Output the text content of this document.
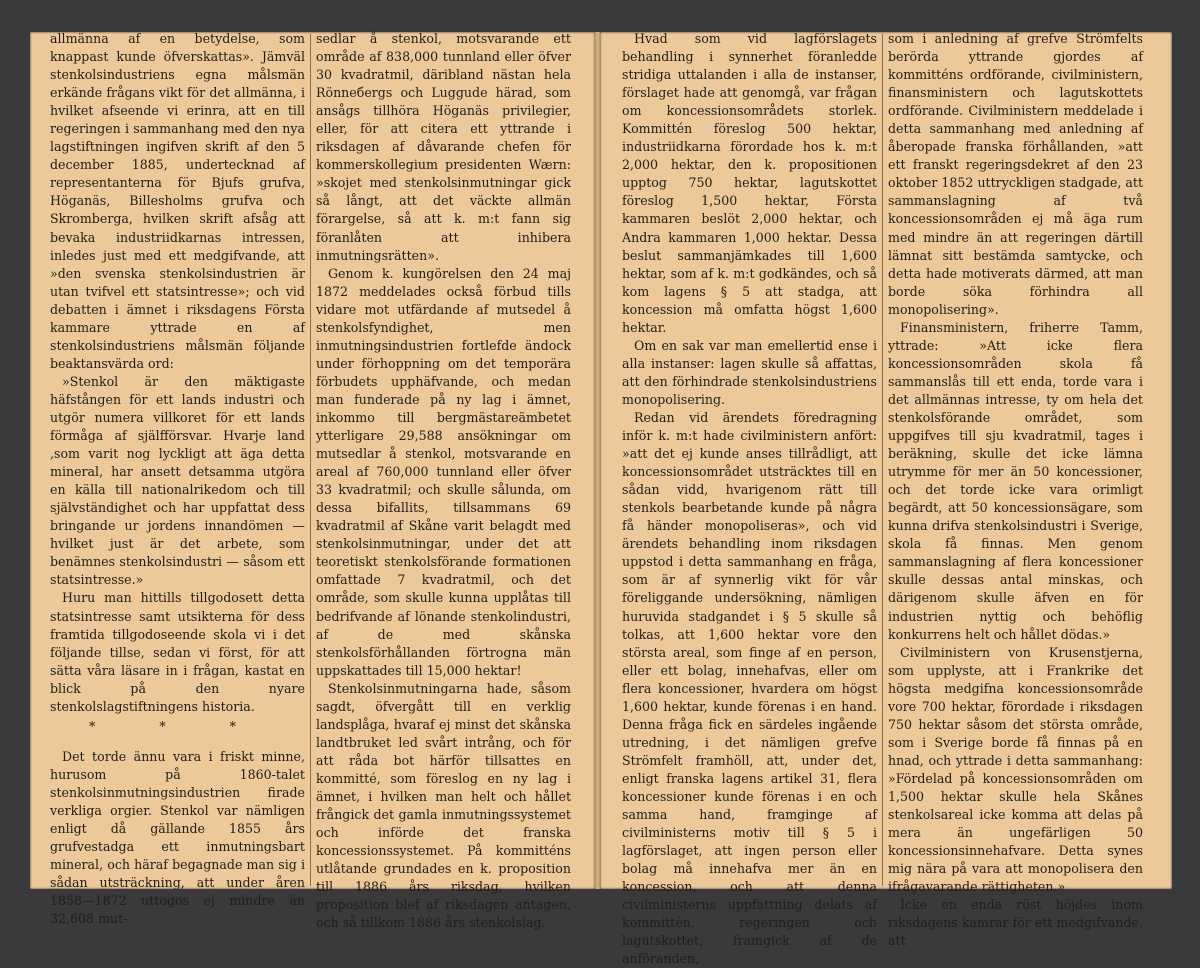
allmänna af en betydelse, som knappast kunde öfverskattas». Jämväl stenkolsindustriens egna målsmän erkände frågans vikt för det allmänna, i hvilket afseende vi erinra, att en till regeringen i sammanhang med den nya lagstiftningen ingifven skrift af den 5 december 1885, undertecknad af representanterna för Bjufs grufva, Höganäs, Billesholms grufva och Skromberga, hvilken skrift afsåg att bevaka industriidkarnas intressen, inledes just med ett medgifvande, att »den svenska stenkolsindustrien är utan tvifvel ett statsintresse»; och vid debatten i ämnet i riksdagens Första kammare yttrade en af stenkolsindustriens målsmän följande beaktansvärda ord:

»Stenkol är den mäktigaste häfstången för ett lands industri och utgör numera villkoret för ett lands förmåga af själfförsvar. Hvarje land ,som varit nog lyckligt att äga detta mineral, har ansett detsamma utgöra en källa till nationalrikedom och till självständighet och har uppfattat dess bringande ur jordens innandömen — hvilket just är det arbete, som benämnes stenkolsindustri — såsom ett statsintresse.»

Huru man hittills tillgodosett detta statsintresse samt utsikterna för dess framtida tillgodoseende skola vi i det följande tillse, sedan vi först, för att sätta våra läsare in i frågan, kastat en blick på den nyare stenkolslagstiftningens historia.

* * *

Det torde ännu vara i friskt minne, hurusom på 1860-talet stenkolsinmutningsindustrien firade verkliga orgier. Stenkol var nämligen enligt då gällande 1855 års grufvestadga ett inmutningsbart mineral, och häraf begagnade man sig i sådan utsträckning, att under åren 1858—1872 uttogos ej mindre än 32,608 mut-

sedlar å stenkol, motsvarande ett område af 838,000 tunnland eller öfver 30 kvadratmil, däribland nästan hela Rönneбergs och Luggude härad, som ansågs tillhöra Höganäs privilegier, eller, för att citera ett yttrande i riksdagen af dåvarande chefen för kommerskollegium presidenten Wærn: »skojet med stenkolsinmutningar gick så långt, att det väckte allmän förargelse, så att k. m:t fann sig föranlåten att inhibera inmutningsrätten».

Genom k. kungörelsen den 24 maj 1872 meddelades också förbud tills vidare mot utfärdande af mutsedel å stenkolsfyndighet, men inmutningsindustrien fortlefde ändock under förhoppning om det temporära förbudets upphäfvande, och medan man funderade på ny lag i ämnet, inkommo till bergmästareämbetet ytterligare 29,588 ansökningar om mutsedlar å stenkol, motsvarande en areal af 760,000 tunnland eller öfver 33 kvadratmil; och skulle sålunda, om dessa bifallits, tillsammans 69 kvadratmil af Skåne varit belagdt med stenkolsinmutningar, under det att teoretiskt stenkolsförande formationen omfattade 7 kvadratmil, och det område, som skulle kunna upplåtas till bedrifvande af lönande stenkolindustri, af de med skånska stenkolsförhållanden förtrogna män uppskattades till 15,000 hektar!

Stenkolsinmutningarna hade, såsom sagdt, öfvergått till en verklig landsplåga, hvaraf ej minst det skånska landtbruket led svårt intrång, och för att råda bot härför tillsattes en kommitté, som föreslog en ny lag i ämnet, i hvilken man helt och hållet frångick det gamla inmutningssystemet och införde det franska koncessionssystemet. På kommitténs utlåtande grundades en k. proposition till 1886 års riksdag, hvilken proposition blef af riksdagen antagen, och så tillkom 1886 års stenkolslag.

Hvad som vid lagförslagets behandling i synnerhet föranledde stridiga uttalanden i alla de instanser, förslaget hade att genomgå, var frågan om koncessionsområdets storlek. Kommittén föreslog 500 hektar, industriidkarna förordade hos k. m:t 2,000 hektar, den k. propositionen upptog 750 hektar, lagutskottet föreslog 1,500 hektar, Första kammaren beslöt 2,000 hektar, och Andra kammaren 1,000 hektar. Dessa beslut sammanjämkades till 1,600 hektar, som af k. m:t godkändes, och så kom lagens § 5 att stadga, att koncession må omfatta högst 1,600 hektar.

Om en sak var man emellertid ense i alla instanser: lagen skulle så affattas, att den förhindrade stenkolsindustriens monopolisering.

Redan vid ärendets föredragning inför k. m:t hade civilministern anfört: »att det ej kunde anses tillrådligt, att koncessionsområdet utsträcktes till en sådan vidd, hvarigenom rätt till stenkols bearbetande kunde på några få händer monopoliseras», och vid ärendets behandling inom riksdagen uppstod i detta sammanhang en fråga, som är af synnerlig vikt för vår föreliggande undersökning, nämligen huruvida stadgandet i § 5 skulle så tolkas, att 1,600 hektar vore den största areal, som finge af en person, eller ett bolag, innehafvas, eller om flera koncessioner, hvardera om högst 1,600 hektar, kunde förenas i en hand. Denna fråga fick en särdeles ingående utredning, i det nämligen grefve Strömfelt framhöll, att, under det, enligt franska lagens artikel 31, flera koncessioner kunde förenas i en och samma hand, framginge af civilministerns motiv till § 5 i lagförslaget, att ingen person eller bolag må innehafva mer än en koncession, och att denna civilministerns uppfattning delats af kommittén, regeringen och lagutskottet, framgick af de anföranden,

som i anledning af grefve Strömfelts berörda yttrande gjordes af kommitténs ordförande, civilministern, finansministern och lagutskottets ordförande. Civilministern meddelade i detta sammanhang med anledning af åberopade franska förhållanden, »att ett franskt regeringsdekret af den 23 oktober 1852 uttryckligen stadgade, att sammanslagning af två koncessionsområden ej må äga rum med mindre än att regeringen därtill lämnat sitt bestämda samtycke, och detta hade motiverats därmed, att man borde söka förhindra all monopolisering».

Finansministern, friherre Tamm, yttrade: »Att icke flera koncessionsområden skola få sammanslås till ett enda, torde vara i det allmännas intresse, ty om hela det stenkolsförande området, som uppgifves till sju kvadratmil, tages i beräkning, skulle det icke lämna utrymme för mer än 50 koncessioner, och det torde icke vara orimligt begärdt, att 50 koncessionsägare, som kunna drifva stenkolsindustri i Sverige, skola få finnas. Men genom sammanslagning af flera koncessioner skulle dessas antal minskas, och därigenom skulle äfven en för industrien nyttig och behöflig konkurrens helt och hållet dödas.»

Civilministern von Krusenstjerna, som upplyste, att i Frankrike det högsta medgifna koncessionsområde vore 700 hektar, förordade i riksdagen 750 hektar såsom det största område, som i Sverige borde få finnas på en hnad, och yttrade i detta sammanhang: »Fördelad på koncessionsområden om 1,500 hektar skulle hela Skånes stenkolsareal icke komma att delas på mera än ungefärligen 50 koncessionsinnehafvare. Detta synes mig nära på vara att monopolisera den ifrågavarande rättigheten.»

Icke en enda röst höjdes inom riksdagens kamrar för ett medgifvande, att
